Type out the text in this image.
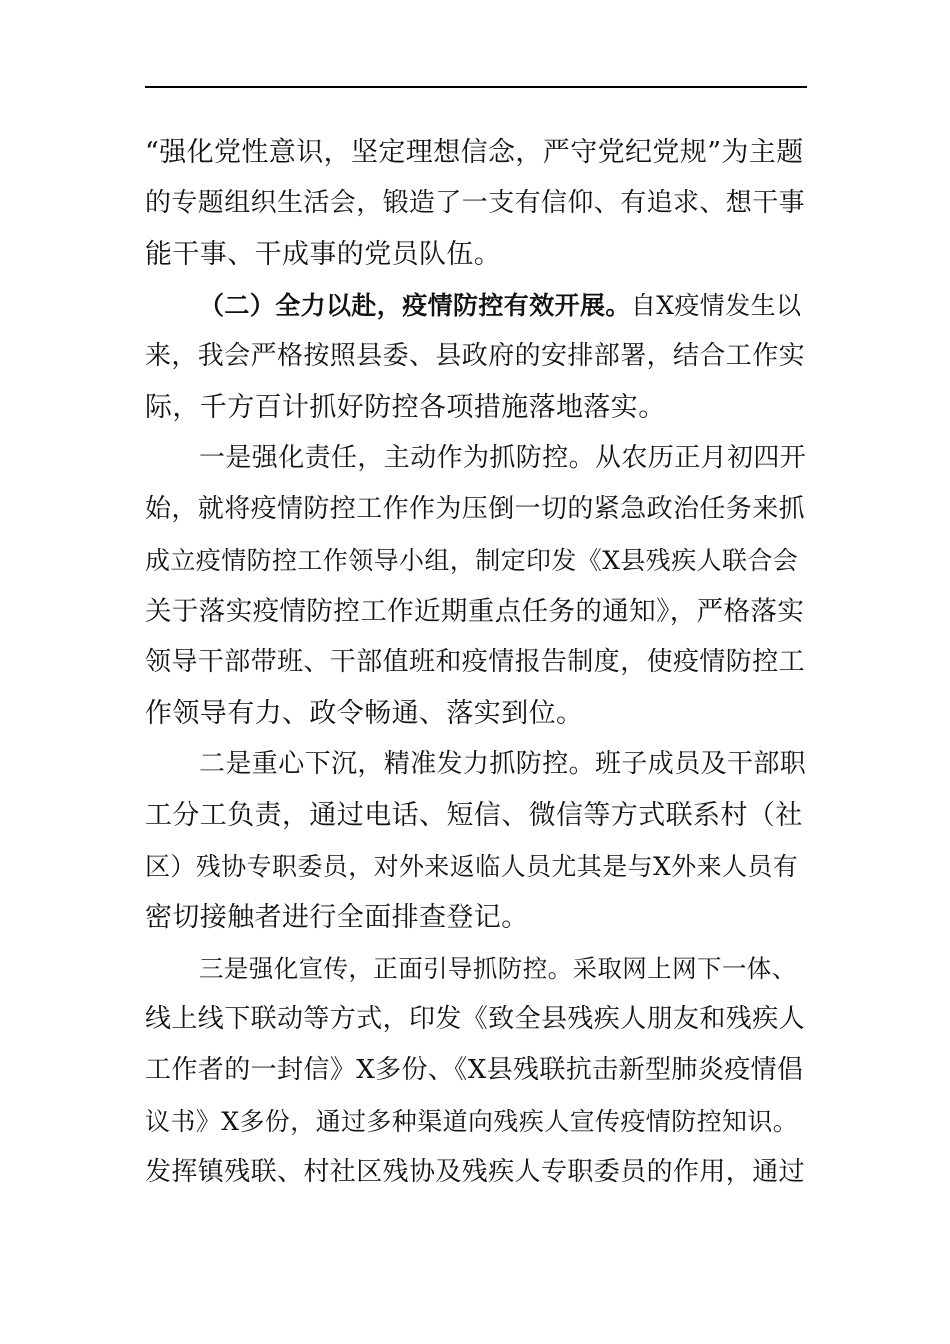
“强化党性意识，坚定理想信念，严守党纪党规”为主题
的专题组织生活会，锻造了一支有信仰、有追求、想干事
能干事、干成事的党员队伍。
（二）全力以赴，疫情防控有效开展。自X疫情发生以
来，我会严格按照县委、县政府的安排部署，结合工作实
际，千方百计抓好防控各项措施落地落实。
一是强化责任，主动作为抓防控。从农历正月初四开
始，就将疫情防控工作作为压倒一切的紧急政治任务来抓
成立疫情防控工作领导小组，制定印发《X县残疾人联合会
关于落实疫情防控工作近期重点任务的通知》，严格落实
领导干部带班、干部值班和疫情报告制度，使疫情防控工
作领导有力、政令畅通、落实到位。
二是重心下沉，精准发力抓防控。班子成员及干部职
工分工负责，通过电话、短信、微信等方式联系村（社
区）残协专职委员，对外来返临人员尤其是与X外来人员有
密切接触者进行全面排查登记。
三是强化宣传，正面引导抓防控。采取网上网下一体、
线上线下联动等方式，印发《致全县残疾人朋友和残疾人
工作者的一封信》X多份、《X县残联抗击新型肺炎疫情倡
议书》X多份，通过多种渠道向残疾人宣传疫情防控知识。
发挥镇残联、村社区残协及残疾人专职委员的作用，通过
